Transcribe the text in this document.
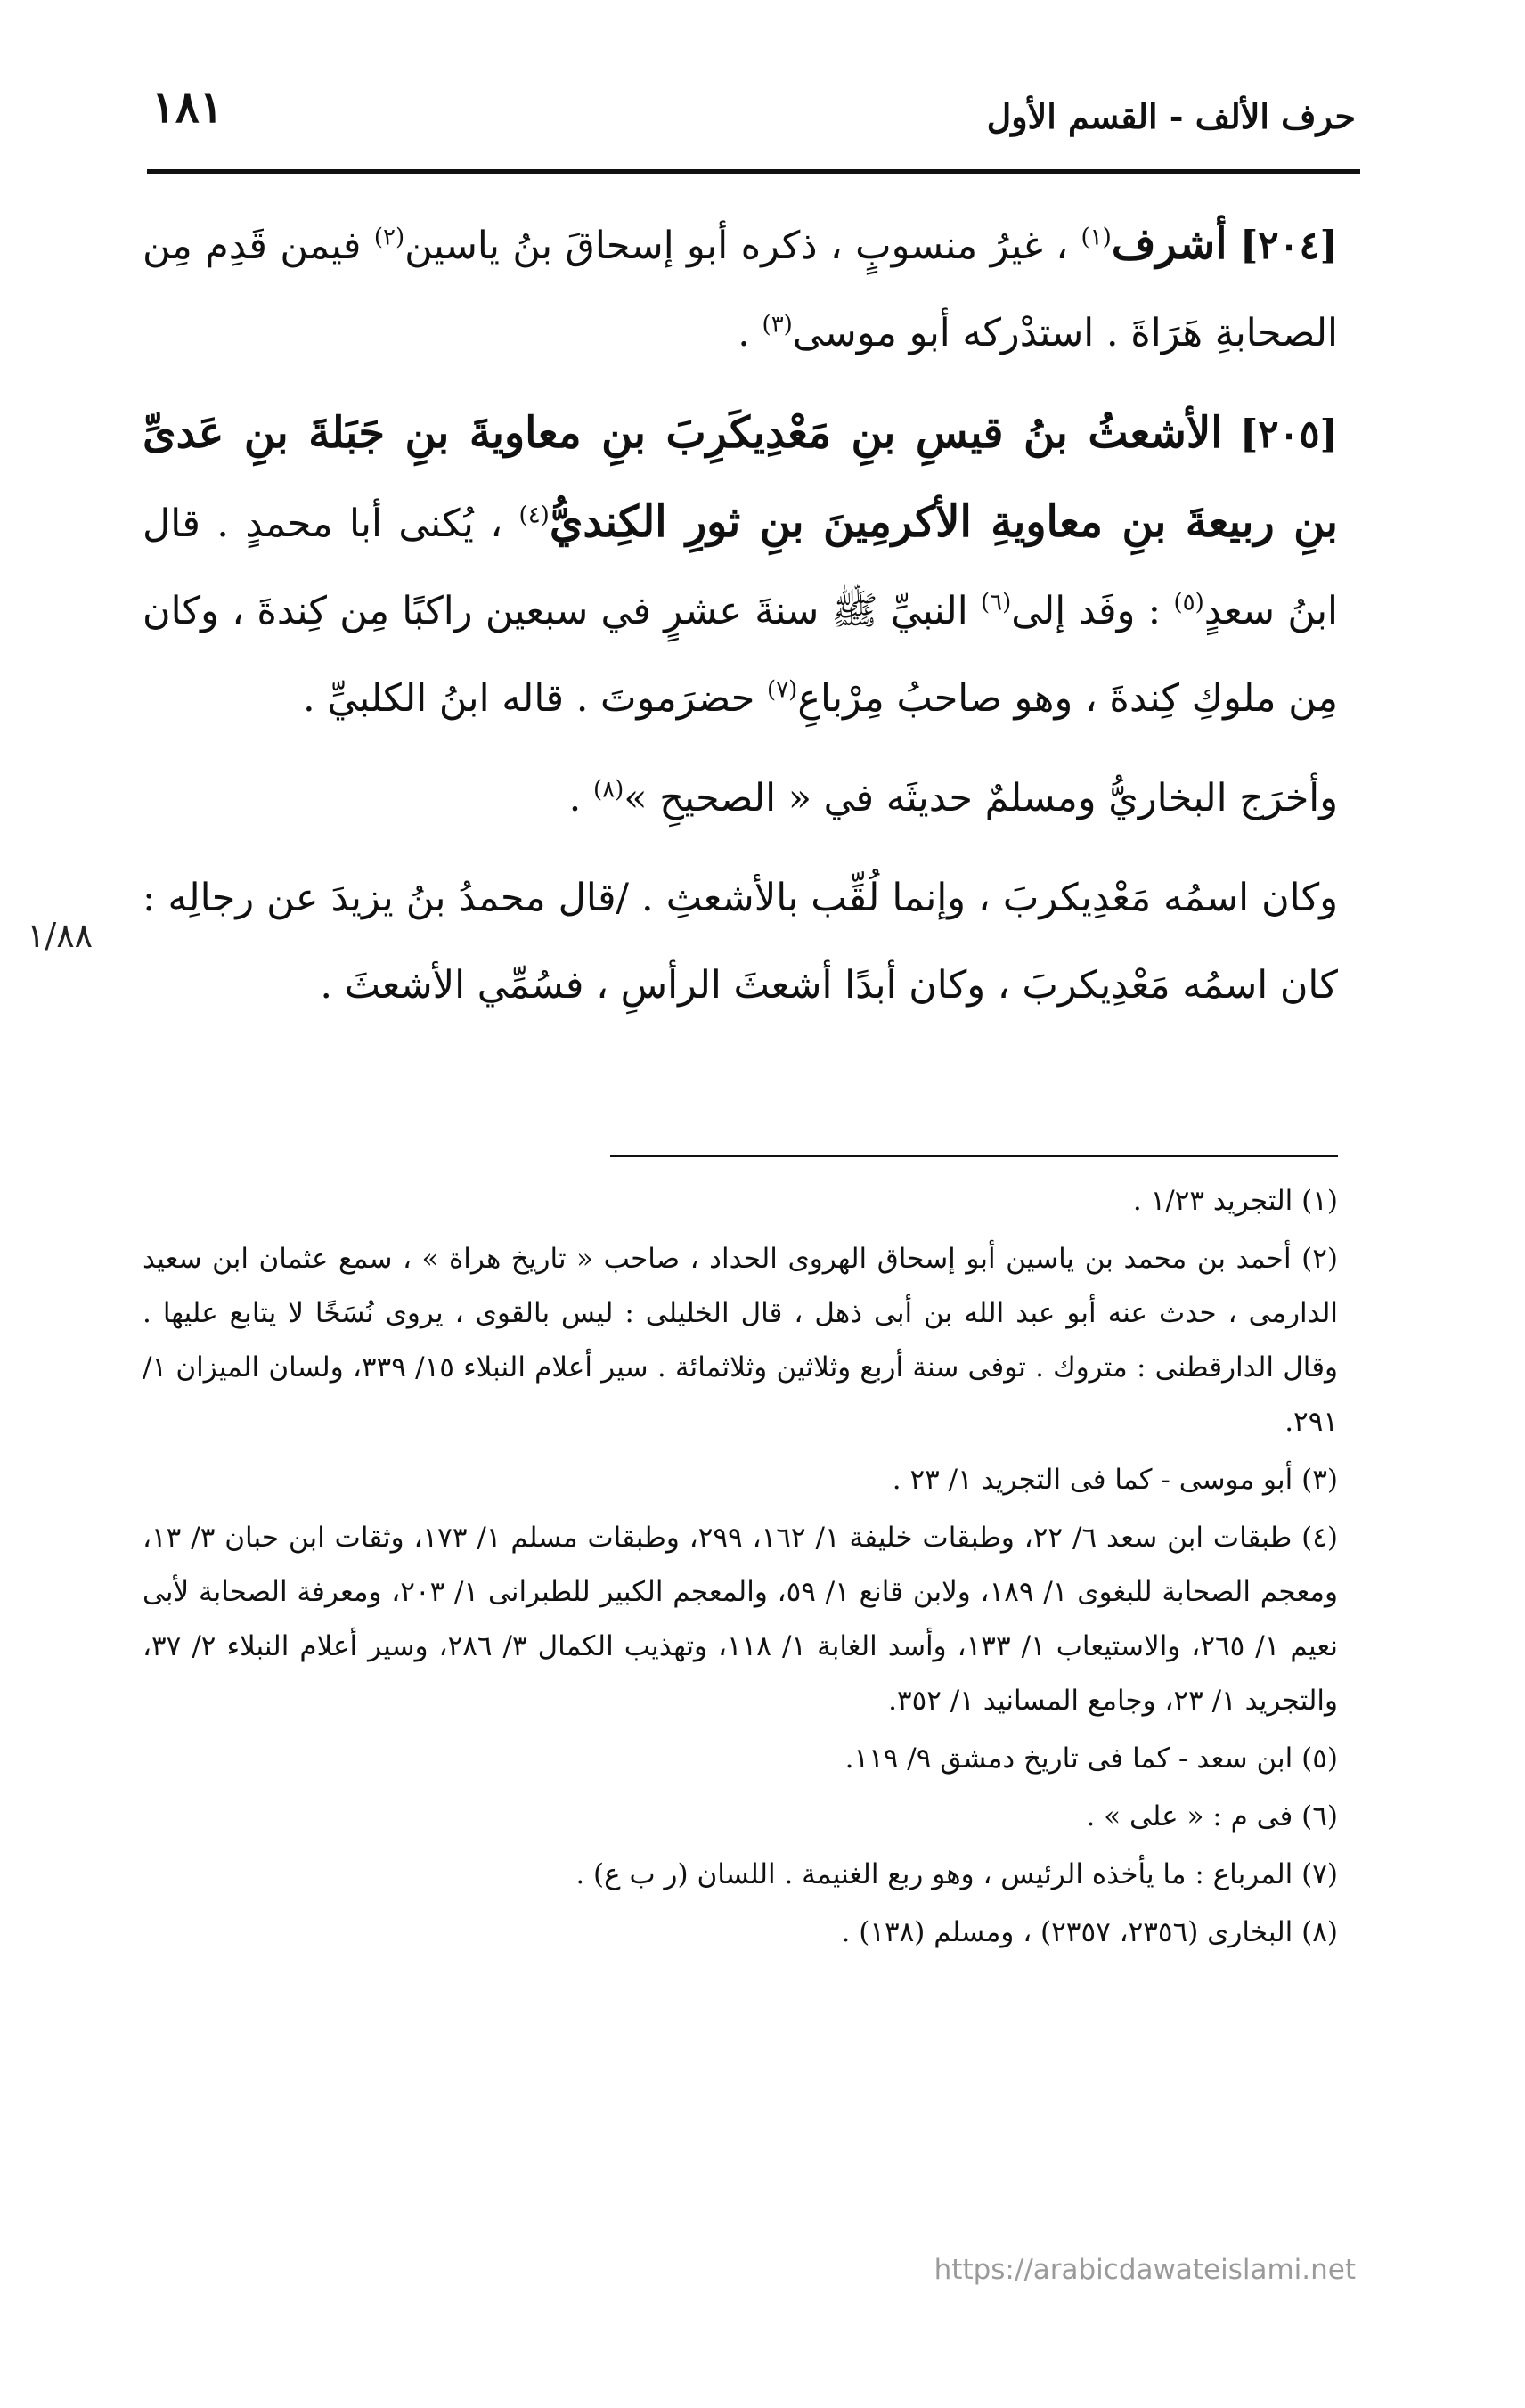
١٨١	حرف الألف - القسم الأول

[٢٠٤] أشرف$^{(١)}$ ، غيرُ منسوبٍ ، ذكره أبو إسحاقَ بنُ ياسين$^{(٢)}$ فيمن قَدِم مِن الصحابةِ هَرَاةَ . استدْركه أبو موسى$^{(٣)}$ .

[٢٠٥] الأشعثُ بنُ قيسِ بنِ مَعْدِيكَرِبَ بنِ معاويةَ بنِ جَبَلةَ بنِ عَدىِّ بنِ ربيعةَ بنِ معاويةِ الأكرمِينَ بنِ ثورِ الكِنديُّ$^{(٤)}$ ، يُكنى أبا محمدٍ . قال ابنُ سعدٍ$^{(٥)}$ : وفَد إلى$^{(٦)}$ النبيِّ ﷺ سنةَ عشرٍ في سبعين راكبًا مِن كِندةَ ، وكان مِن ملوكِ كِندةَ ، وهو صاحبُ مِرْباعِ$^{(٧)}$ حضرَموتَ . قاله ابنُ الكلبيِّ .

وأخرَج البخاريُّ ومسلمٌ حديثَه في « الصحيحِ »$^{(٨)}$ .

وكان اسمُه مَعْدِيكربَ ، وإنما لُقِّب بالأشعثِ . /قال محمدُ بنُ يزيدَ عن رجالِه : كان اسمُه مَعْدِيكربَ ، وكان أبدًا أشعثَ الرأسِ ، فسُمِّي الأشعثَ .

١/٨٨

(١) التجريد ١/٢٣ .

(٢) أحمد بن محمد بن ياسين أبو إسحاق الهروى الحداد ، صاحب « تاريخ هراة » ، سمع عثمان ابن سعيد الدارمى ، حدث عنه أبو عبد الله بن أبى ذهل ، قال الخليلى : ليس بالقوى ، يروى نُسَخًا لا يتابع عليها . وقال الدارقطنى : متروك . توفى سنة أربع وثلاثين وثلاثمائة . سير أعلام النبلاء ١٥/ ٣٣٩، ولسان الميزان ١/ ٢٩١.

(٣) أبو موسى - كما فى التجريد ١/ ٢٣ .

(٤) طبقات ابن سعد ٦/ ٢٢، وطبقات خليفة ١/ ١٦٢، ٢٩٩، وطبقات مسلم ١/ ١٧٣، وثقات ابن حبان ٣/ ١٣، ومعجم الصحابة للبغوى ١/ ١٨٩، ولابن قانع ١/ ٥٩، والمعجم الكبير للطبرانى ١/ ٢٠٣، ومعرفة الصحابة لأبى نعيم ١/ ٢٦٥، والاستيعاب ١/ ١٣٣، وأسد الغابة ١/ ١١٨، وتهذيب الكمال ٣/ ٢٨٦، وسير أعلام النبلاء ٢/ ٣٧، والتجريد ١/ ٢٣، وجامع المسانيد ١/ ٣٥٢.

(٥) ابن سعد - كما فى تاريخ دمشق ٩/ ١١٩.

(٦) فى م : « على » .

(٧) المرباع : ما يأخذه الرئيس ، وهو ربع الغنيمة . اللسان (ر ب ع) .

(٨) البخارى (٢٣٥٦، ٢٣٥٧) ، ومسلم (١٣٨) .

https://arabicdawateislami.net
